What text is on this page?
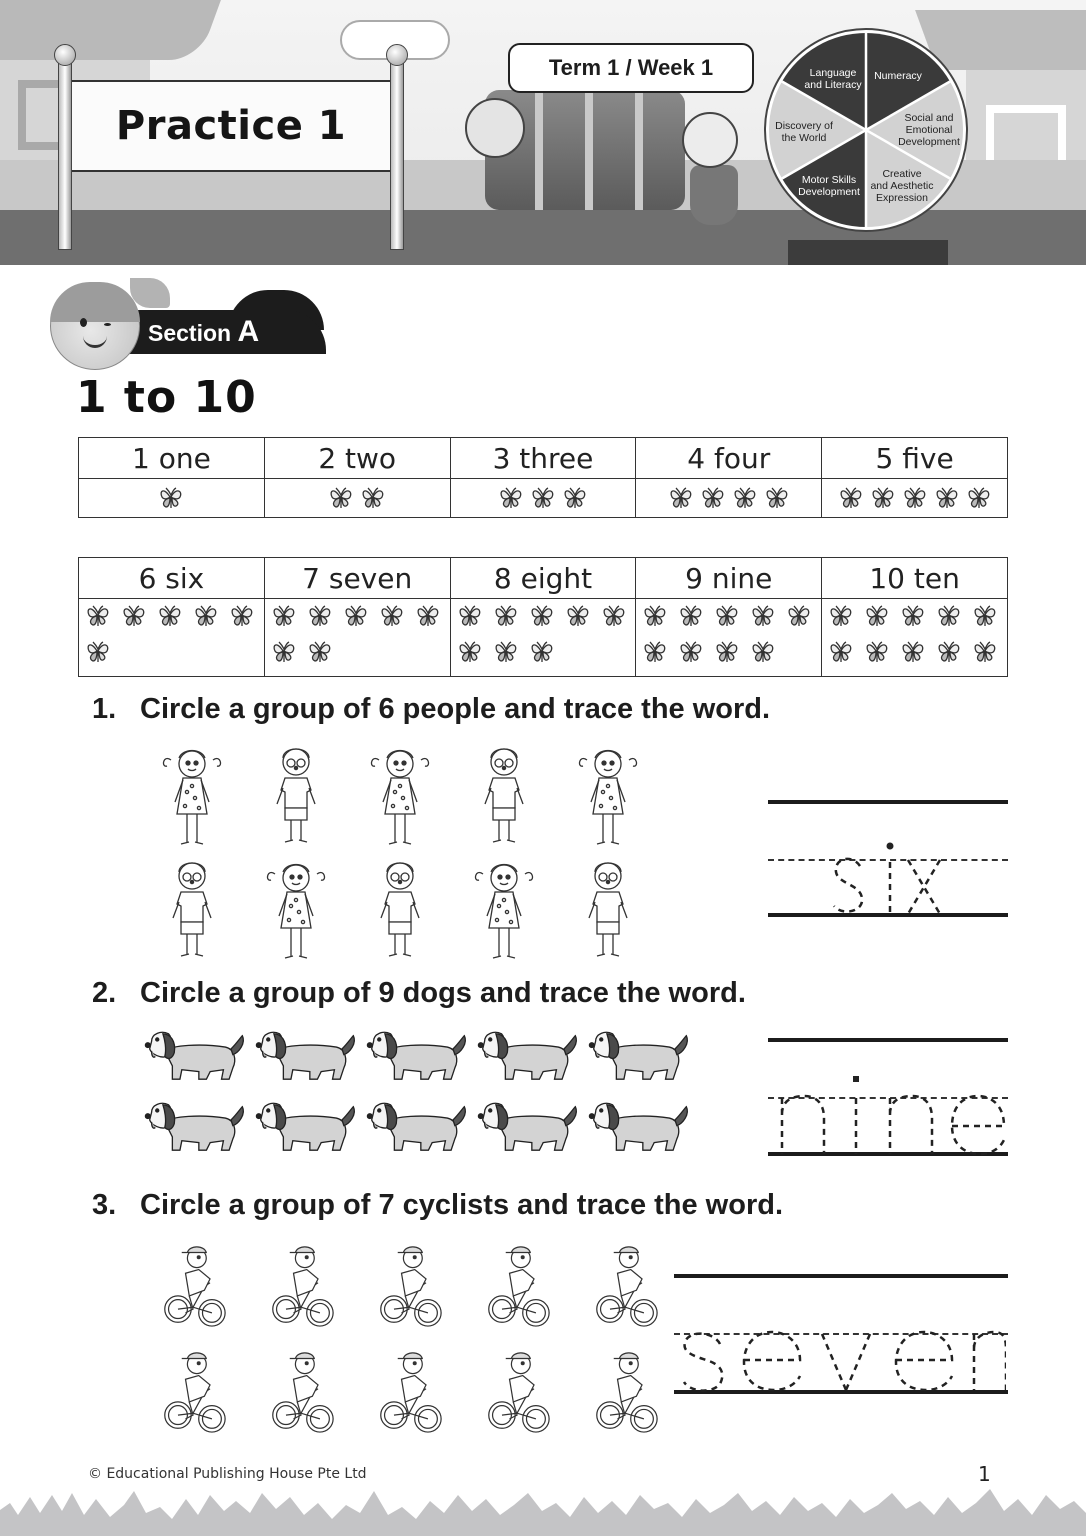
Practice 1
Term 1 / Week 1	Language
and Literacy
Numeracy
Social and
Emotional
Development
Creative
and Aesthetic
Expression
Motor Skills
Development
Discovery of
the World
Section A
1 to 10
1 one	2 two	3 three	4 four	5 five

6 six	7 seven	8 eight	9 nine	10 ten

1. Circle a group of 6 people and trace the word.
2. Circle a group of 9 dogs and trace the word.
3. Circle a group of 7 cyclists and trace the word.
© Educational Publishing House Pte Ltd	1
